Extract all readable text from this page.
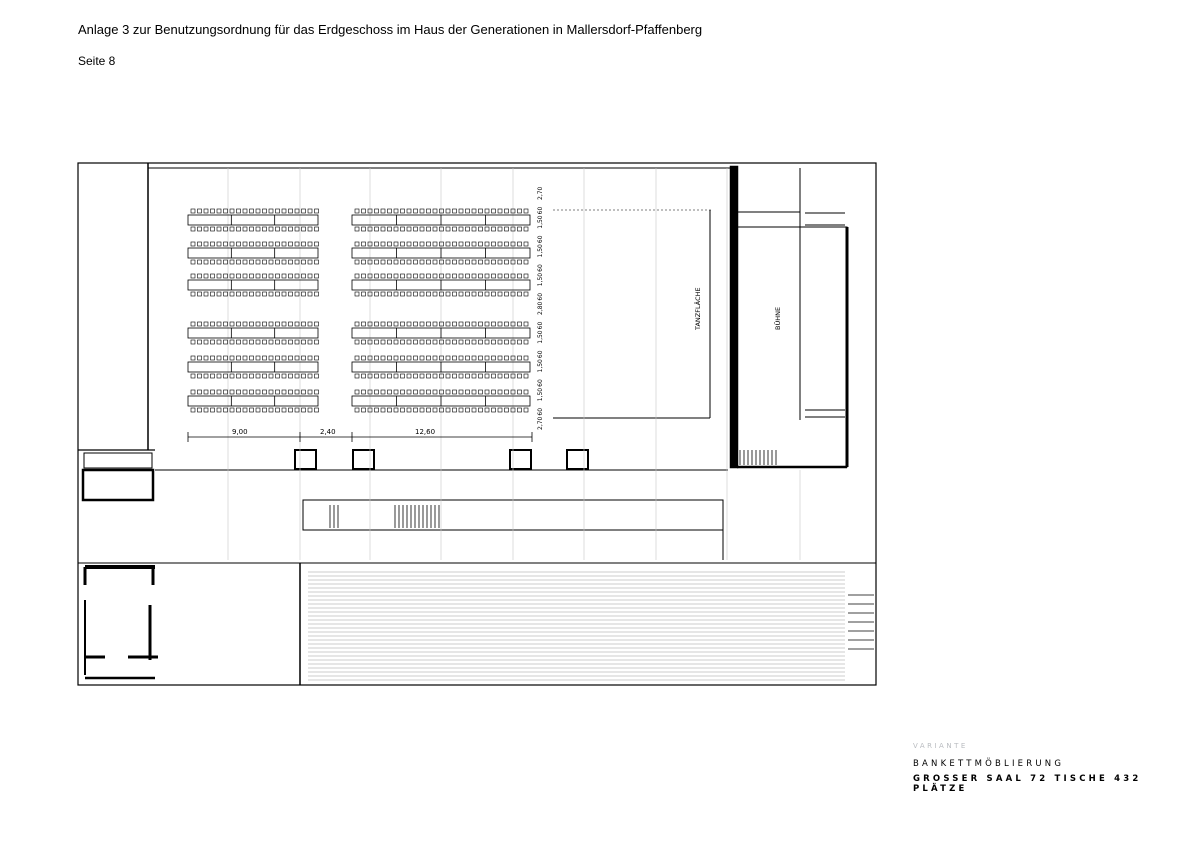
Anlage 3 zur Benutzungsordnung für das Erdgeschoss im Haus der Generationen in Mallersdorf-Pfaffenberg
Seite 8
9,00	2,40	12,60
TANZFLÄCHE	BÜHNE
2,70
60
1,50
60
1,50
60
1,50
60
2,80
60
1,50
60
1,50
60
1,50
60
2,70
VARIANTE
BANKETTMÖBLIERUNG
GROSSER SAAL 72 TISCHE 432 PLÄTZE
